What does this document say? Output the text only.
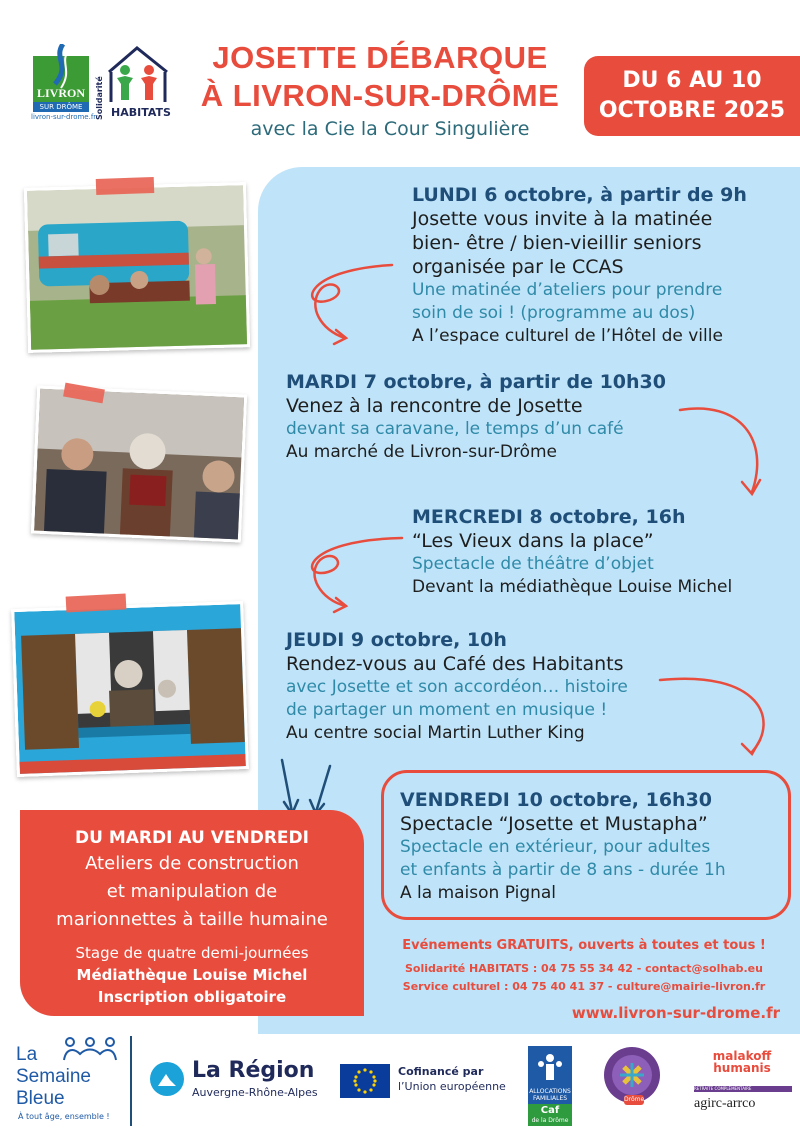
LIVRON
SUR DRÔME
livron-sur-drome.fr
Solidarité HABITATS
JOSETTE DÉBARQUE
À LIVRON-SUR-DRÔME
avec la Cie la Cour Singulière
DU 6 AU 10
OCTOBRE 2025
LUNDI 6 octobre, à partir de 9h
Josette vous invite à la matinée
bien- être / bien-vieillir seniors
organisée par le CCAS
Une matinée d’ateliers pour prendre
soin de soi ! (programme au dos)
A l’espace culturel de l’Hôtel de ville
MARDI 7 octobre, à partir de 10h30
Venez à la rencontre de Josette
devant sa caravane, le temps d’un café
Au marché de Livron-sur-Drôme
MERCREDI 8 octobre, 16h
“Les Vieux dans la place”
Spectacle de théâtre d’objet
Devant la médiathèque Louise Michel
JEUDI 9 octobre, 10h
Rendez-vous au Café des Habitants
avec Josette et son accordéon… histoire
de partager un moment en musique !
Au centre social Martin Luther King
VENDREDI 10 octobre, 16h30
Spectacle “Josette et Mustapha”
Spectacle en extérieur, pour adultes
et enfants à partir de 8 ans - durée 1h
A la maison Pignal
DU MARDI AU VENDREDI
Ateliers de construction
et manipulation de
marionnettes à taille humaine
Stage de quatre demi-journées
Médiathèque Louise Michel
Inscription obligatoire
Evénements GRATUITS, ouverts à toutes et tous !
Solidarité HABITATS : 04 75 55 34 42 - contact@solhab.eu
Service culturel : 04 75 40 41 37 - culture@mairie-livron.fr
www.livron-sur-drome.fr
La
Semaine
Bleue
À tout âge, ensemble !
La Région
Auvergne-Rhône-Alpes
Cofinancé par
l’Union européenne	ALLOCATIONS FAMILIALES
Caf
de la Drôme
Drôme
malakoff
humanis
RETRAITE COMPLÉMENTAIRE
agirc-arrco
